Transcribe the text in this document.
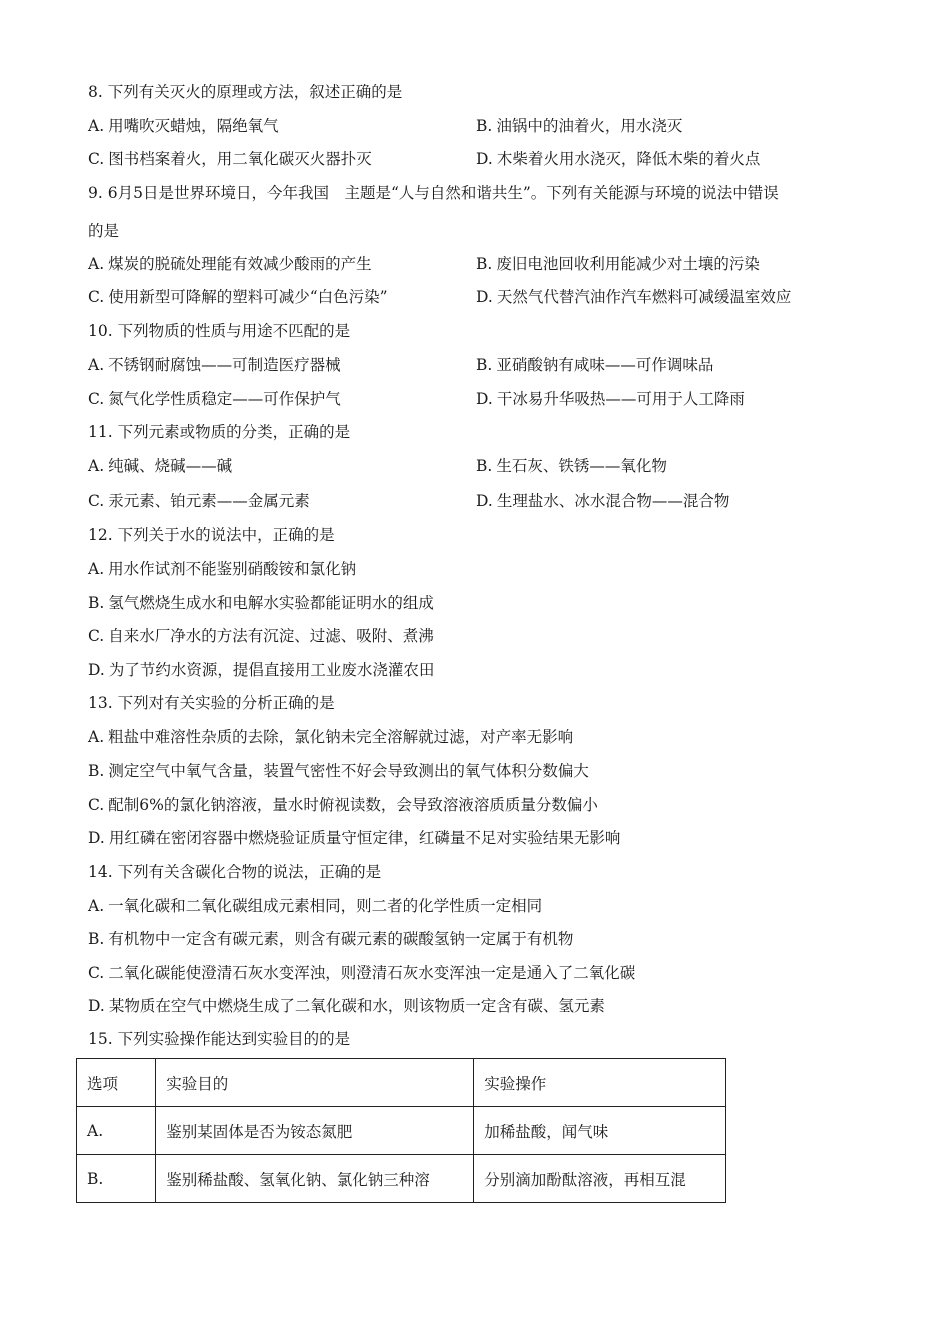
8. 下列有关灭火的原理或方法，叙述正确的是
A. 用嘴吹灭蜡烛，隔绝氧气	B. 油锅中的油着火，用水浇灭
C. 图书档案着火，用二氧化碳灭火器扑灭	D. 木柴着火用水浇灭，降低木柴的着火点
9. 6月5日是世界环境日，今年我国　主题是“人与自然和谐共生”。下列有关能源与环境的说法中错误
的是
A. 煤炭的脱硫处理能有效减少酸雨的产生	B. 废旧电池回收利用能减少对土壤的污染
C. 使用新型可降解的塑料可减少“白色污染”	D. 天然气代替汽油作汽车燃料可减缓温室效应
10. 下列物质的性质与用途不匹配的是
A. 不锈钢耐腐蚀——可制造医疗器械	B. 亚硝酸钠有咸味——可作调味品
C. 氮气化学性质稳定——可作保护气	D. 干冰易升华吸热——可用于人工降雨
11. 下列元素或物质的分类，正确的是
A. 纯碱、烧碱——碱	B. 生石灰、铁锈——氧化物
C. 汞元素、铂元素——金属元素	D. 生理盐水、冰水混合物——混合物
12. 下列关于水的说法中，正确的是
A. 用水作试剂不能鉴别硝酸铵和氯化钠
B. 氢气燃烧生成水和电解水实验都能证明水的组成
C. 自来水厂净水的方法有沉淀、过滤、吸附、煮沸
D. 为了节约水资源，提倡直接用工业废水浇灌农田
13. 下列对有关实验的分析正确的是
A. 粗盐中难溶性杂质的去除，氯化钠未完全溶解就过滤，对产率无影响
B. 测定空气中氧气含量，装置气密性不好会导致测出的氧气体积分数偏大
C. 配制6%的氯化钠溶液，量水时俯视读数，会导致溶液溶质质量分数偏小
D. 用红磷在密闭容器中燃烧验证质量守恒定律，红磷量不足对实验结果无影响
14. 下列有关含碳化合物的说法，正确的是
A. 一氧化碳和二氧化碳组成元素相同，则二者的化学性质一定相同
B. 有机物中一定含有碳元素，则含有碳元素的碳酸氢钠一定属于有机物
C. 二氧化碳能使澄清石灰水变浑浊，则澄清石灰水变浑浊一定是通入了二氧化碳
D. 某物质在空气中燃烧生成了二氧化碳和水，则该物质一定含有碳、氢元素
15. 下列实验操作能达到实验目的的是
选项	实验目的	实验操作
A.	鉴别某固体是否为铵态氮肥	加稀盐酸，闻气味
B.	鉴别稀盐酸、氢氧化钠、氯化钠三种溶	分别滴加酚酞溶液，再相互混
